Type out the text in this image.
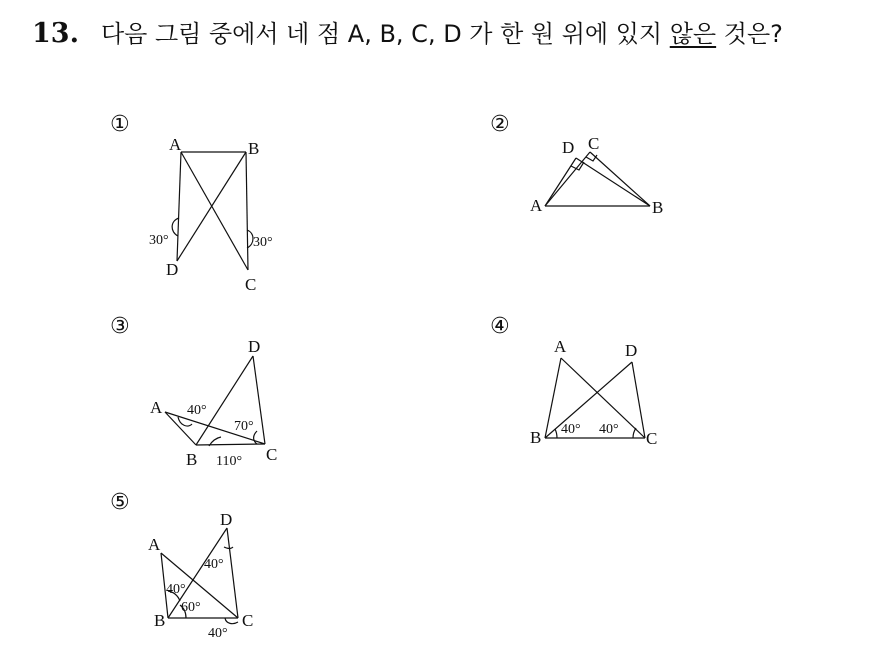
13. 다음 그림 중에서 네 점 A, B, C, D 가 한 원 위에 있지 않은 것은?
①	②
③	④
⑤
A	B
C
D
30°	30°
A	B
C
D
A
B	C
D
40°
70°
110°
B	C
A	D
40° 40°
A
B	C
D
40°
40°
60°
40°
